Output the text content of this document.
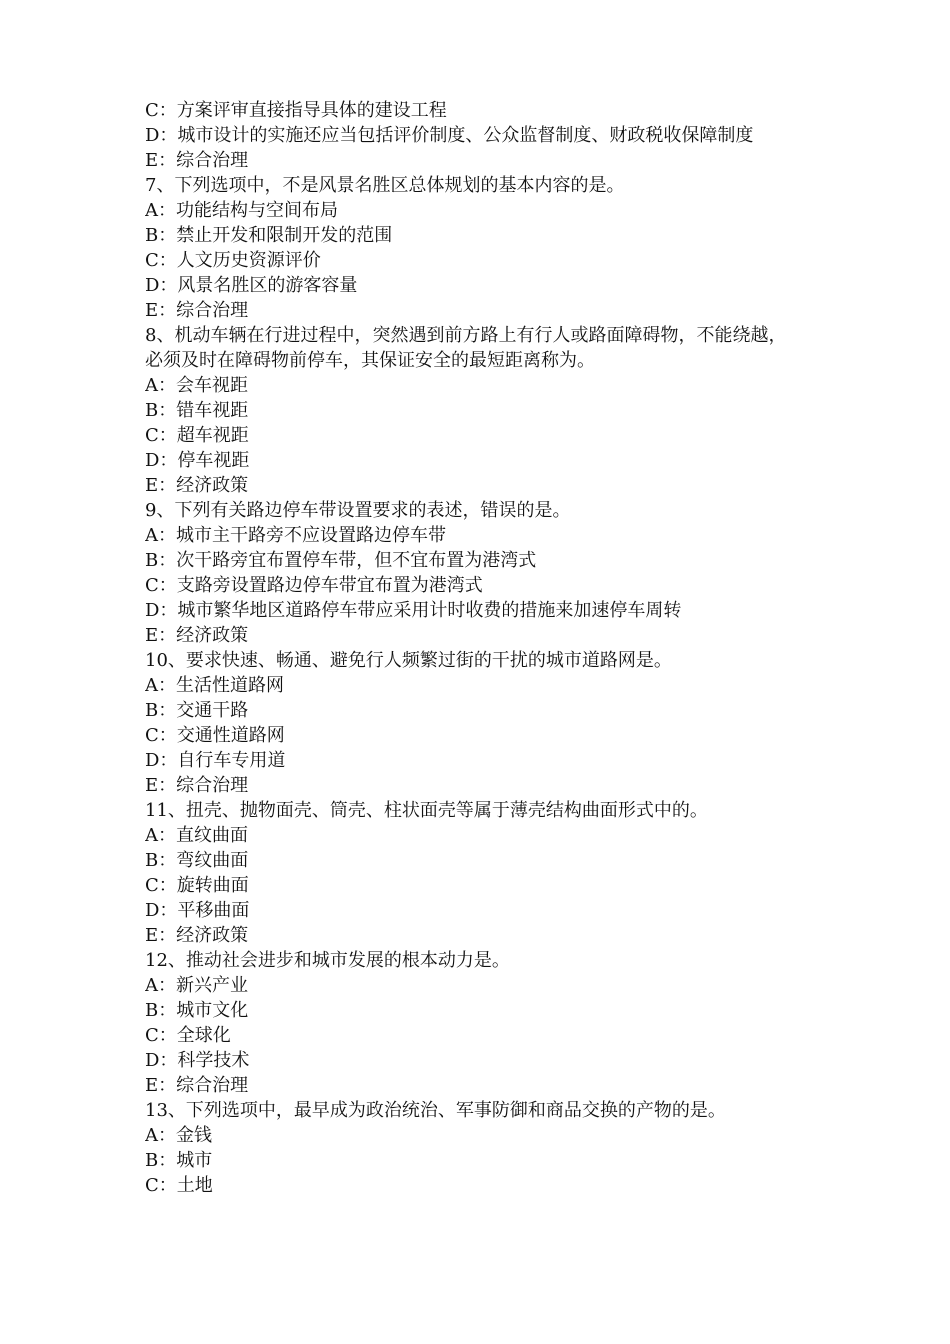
C：方案评审直接指导具体的建设工程
D：城市设计的实施还应当包括评价制度、公众监督制度、财政税收保障制度
E：综合治理
7、下列选项中，不是风景名胜区总体规划的基本内容的是。
A：功能结构与空间布局
B：禁止开发和限制开发的范围
C：人文历史资源评价
D：风景名胜区的游客容量
E：综合治理
8、机动车辆在行进过程中，突然遇到前方路上有行人或路面障碍物，不能绕越，
必须及时在障碍物前停车，其保证安全的最短距离称为。
A：会车视距
B：错车视距
C：超车视距
D：停车视距
E：经济政策
9、下列有关路边停车带设置要求的表述，错误的是。
A：城市主干路旁不应设置路边停车带
B：次干路旁宜布置停车带，但不宜布置为港湾式
C：支路旁设置路边停车带宜布置为港湾式
D：城市繁华地区道路停车带应采用计时收费的措施来加速停车周转
E：经济政策
10、要求快速、畅通、避免行人频繁过街的干扰的城市道路网是。
A：生活性道路网
B：交通干路
C：交通性道路网
D：自行车专用道
E：综合治理
11、扭壳、抛物面壳、筒壳、柱状面壳等属于薄壳结构曲面形式中的。
A：直纹曲面
B：弯纹曲面
C：旋转曲面
D：平移曲面
E：经济政策
12、推动社会进步和城市发展的根本动力是。
A：新兴产业
B：城市文化
C：全球化
D：科学技术
E：综合治理
13、下列选项中，最早成为政治统治、军事防御和商品交换的产物的是。
A：金钱
B：城市
C：土地
